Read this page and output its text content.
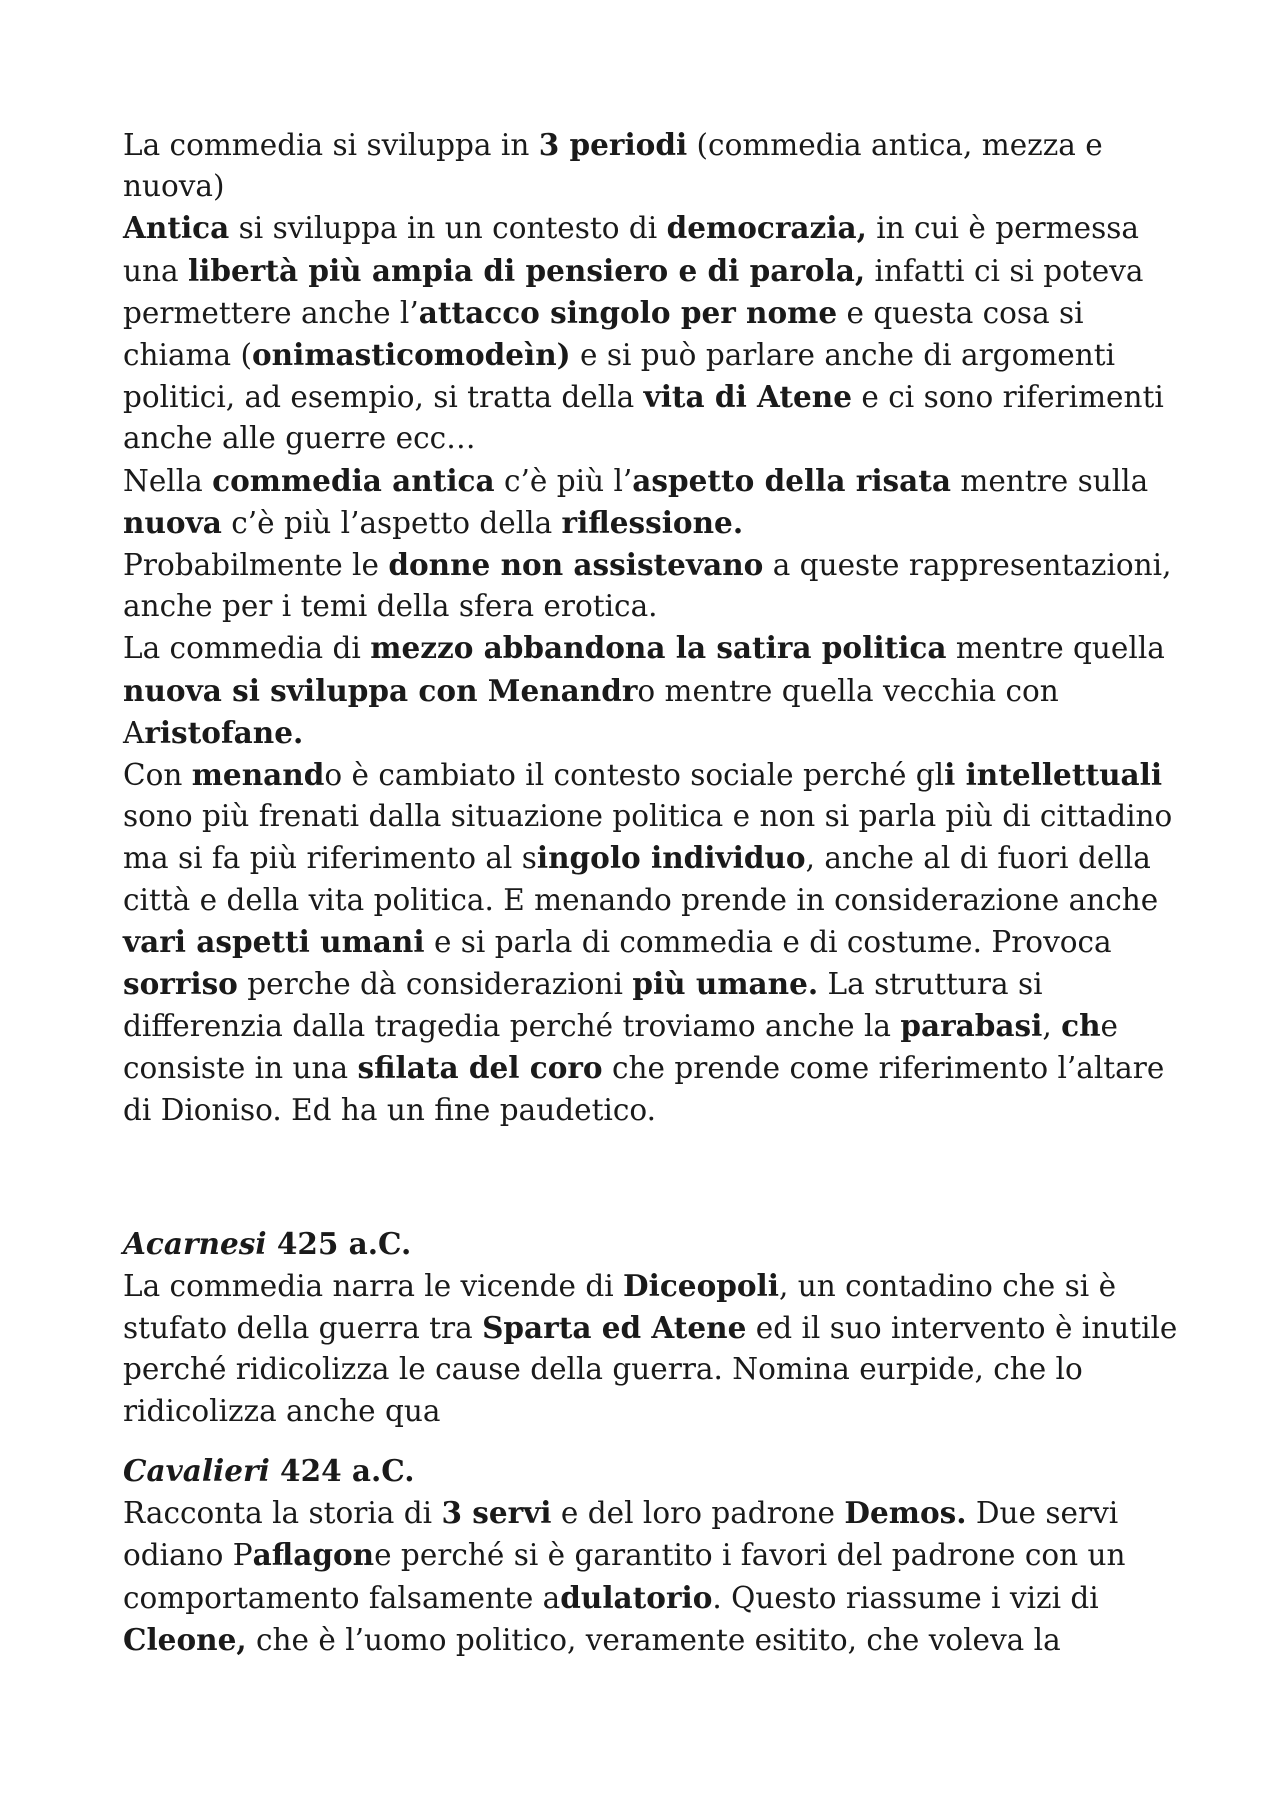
La commedia si sviluppa in 3 periodi (commedia antica, mezza e nuova)

Antica si sviluppa in un contesto di democrazia, in cui è permessa una libertà più ampia di pensiero e di parola, infatti ci si poteva permettere anche l’attacco singolo per nome e questa cosa si chiama (onimasticomodeìn) e si può parlare anche di argomenti politici, ad esempio, si tratta della vita di Atene e ci sono riferimenti anche alle guerre ecc…

Nella commedia antica c’è più l’aspetto della risata mentre sulla nuova c’è più l’aspetto della riflessione.

Probabilmente le donne non assistevano a queste rappresentazioni, anche per i temi della sfera erotica.

La commedia di mezzo abbandona la satira politica mentre quella nuova si sviluppa con Menandro mentre quella vecchia con Aristofane.

Con menando è cambiato il contesto sociale perché gli intellettuali sono più frenati dalla situazione politica e non si parla più di cittadino ma si fa più riferimento al singolo individuo, anche al di fuori della città e della vita politica. E menando prende in considerazione anche vari aspetti umani e si parla di commedia e di costume. Provoca sorriso perche dà considerazioni più umane. La struttura si differenzia dalla tragedia perché troviamo anche la parabasi, che consiste in una sfilata del coro che prende come riferimento l’altare di Dioniso. Ed ha un fine paudetico.

Acarnesi 425 a.C.

La commedia narra le vicende di Diceopoli, un contadino che si è stufato della guerra tra Sparta ed Atene ed il suo intervento è inutile perché ridicolizza le cause della guerra. Nomina eurpide, che lo ridicolizza anche qua

Cavalieri 424 a.C.

Racconta la storia di 3 servi e del loro padrone Demos. Due servi odiano Paflagone perché si è garantito i favori del padrone con un comportamento falsamente adulatorio. Questo riassume i vizi di Cleone, che è l’uomo politico, veramente esitito, che voleva la
